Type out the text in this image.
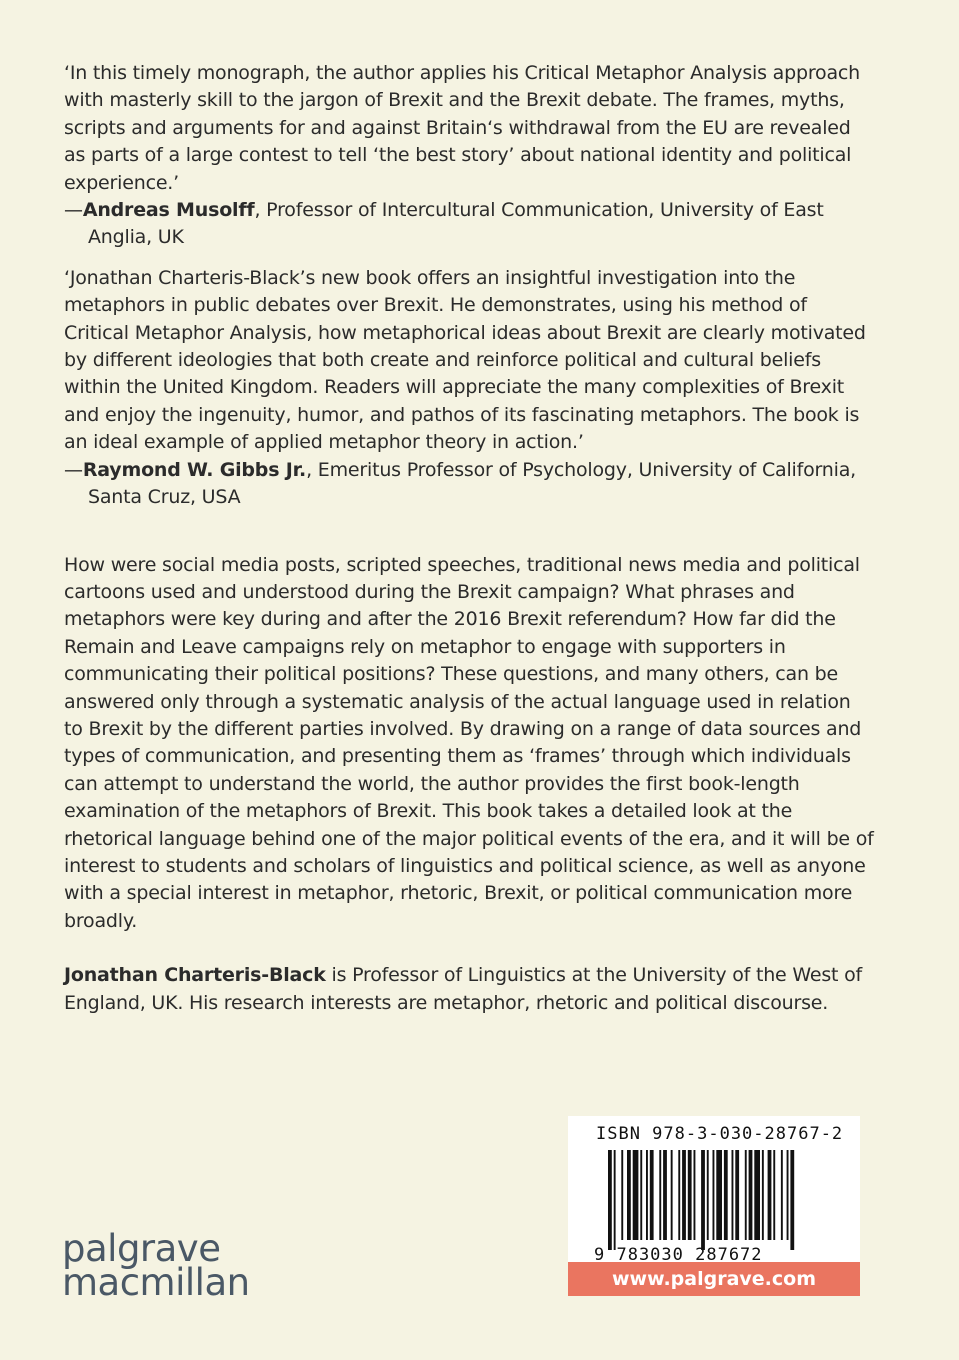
‘In this timely monograph, the author applies his Critical Metaphor Analysis approach with masterly skill to the jargon of Brexit and the Brexit debate. The frames, myths, scripts and arguments for and against Britain‘s withdrawal from the EU are revealed as parts of a large contest to tell ‘the best story’ about national identity and political experience.’

—Andreas Musolff, Professor of Intercultural Communication, University of East Anglia, UK

‘Jonathan Charteris-Black’s new book offers an insightful investigation into the metaphors in public debates over Brexit. He demonstrates, using his method of Critical Metaphor Analysis, how metaphorical ideas about Brexit are clearly motivated by different ideologies that both create and reinforce political and cultural beliefs within the United Kingdom. Readers will appreciate the many complexities of Brexit and enjoy the ingenuity, humor, and pathos of its fascinating metaphors. The book is an ideal example of applied metaphor theory in action.’

—Raymond W. Gibbs Jr., Emeritus Professor of Psychology, University of California, Santa Cruz, USA

How were social media posts, scripted speeches, traditional news media and political cartoons used and understood during the Brexit campaign? What phrases and metaphors were key during and after the 2016 Brexit referendum? How far did the Remain and Leave campaigns rely on metaphor to engage with supporters in communicating their political positions? These questions, and many others, can be answered only through a systematic analysis of the actual language used in relation to Brexit by the different parties involved. By drawing on a range of data sources and types of communication, and presenting them as ‘frames’ through which individuals can attempt to understand the world, the author provides the first book-length examination of the metaphors of Brexit. This book takes a detailed look at the rhetorical language behind one of the major political events of the era, and it will be of interest to students and scholars of linguistics and political science, as well as anyone with a special interest in metaphor, rhetoric, Brexit, or political communication more broadly.

Jonathan Charteris-Black is Professor of Linguistics at the University of the West of England, UK. His research interests are metaphor, rhetoric and political discourse.

palgrave
macmillan
ISBN 978-3-030-28767-2
9 783030 287672
www.palgrave.com
